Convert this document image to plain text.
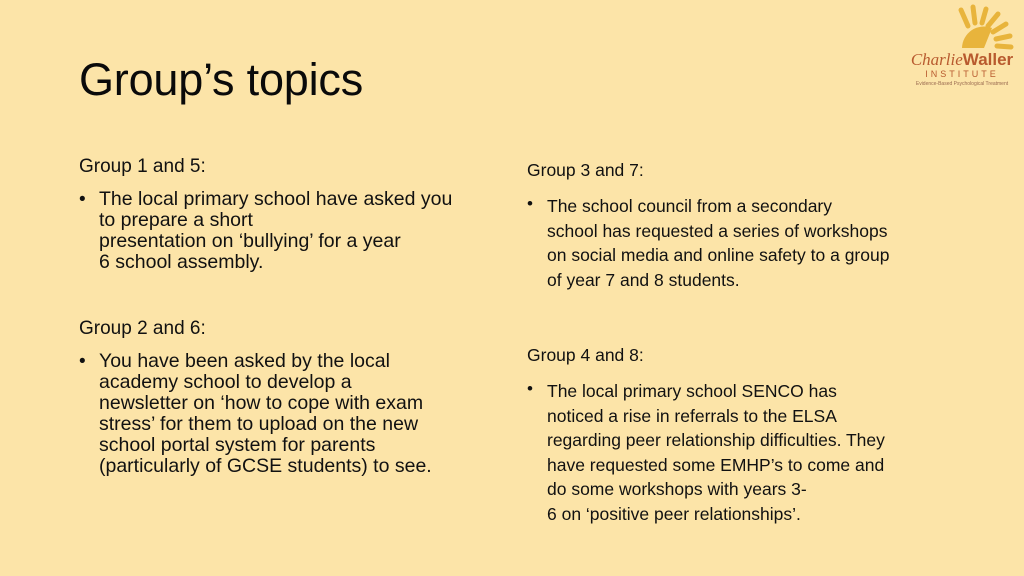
Group’s topics	CharlieWaller
INSTITUTE
Evidence-Based Psychological Treatment

Group 1 and 5:

• The local primary school have asked you
to prepare a short
presentation on ‘bullying’ for a year
6 school assembly.

Group 2 and 6:

• You have been asked by the local
academy school to develop a
newsletter on ‘how to cope with exam
stress’ for them to upload on the new
school portal system for parents
(particularly of GCSE students) to see.

Group 3 and 7:

• The school council from a secondary
school has requested a series of workshops
on social media and online safety to a group
of year 7 and 8 students.

Group 4 and 8:

• The local primary school SENCO has
noticed a rise in referrals to the ELSA
regarding peer relationship difficulties. They
have requested some EMHP’s to come and
do some workshops with years 3-
6 on ‘positive peer relationships’.
